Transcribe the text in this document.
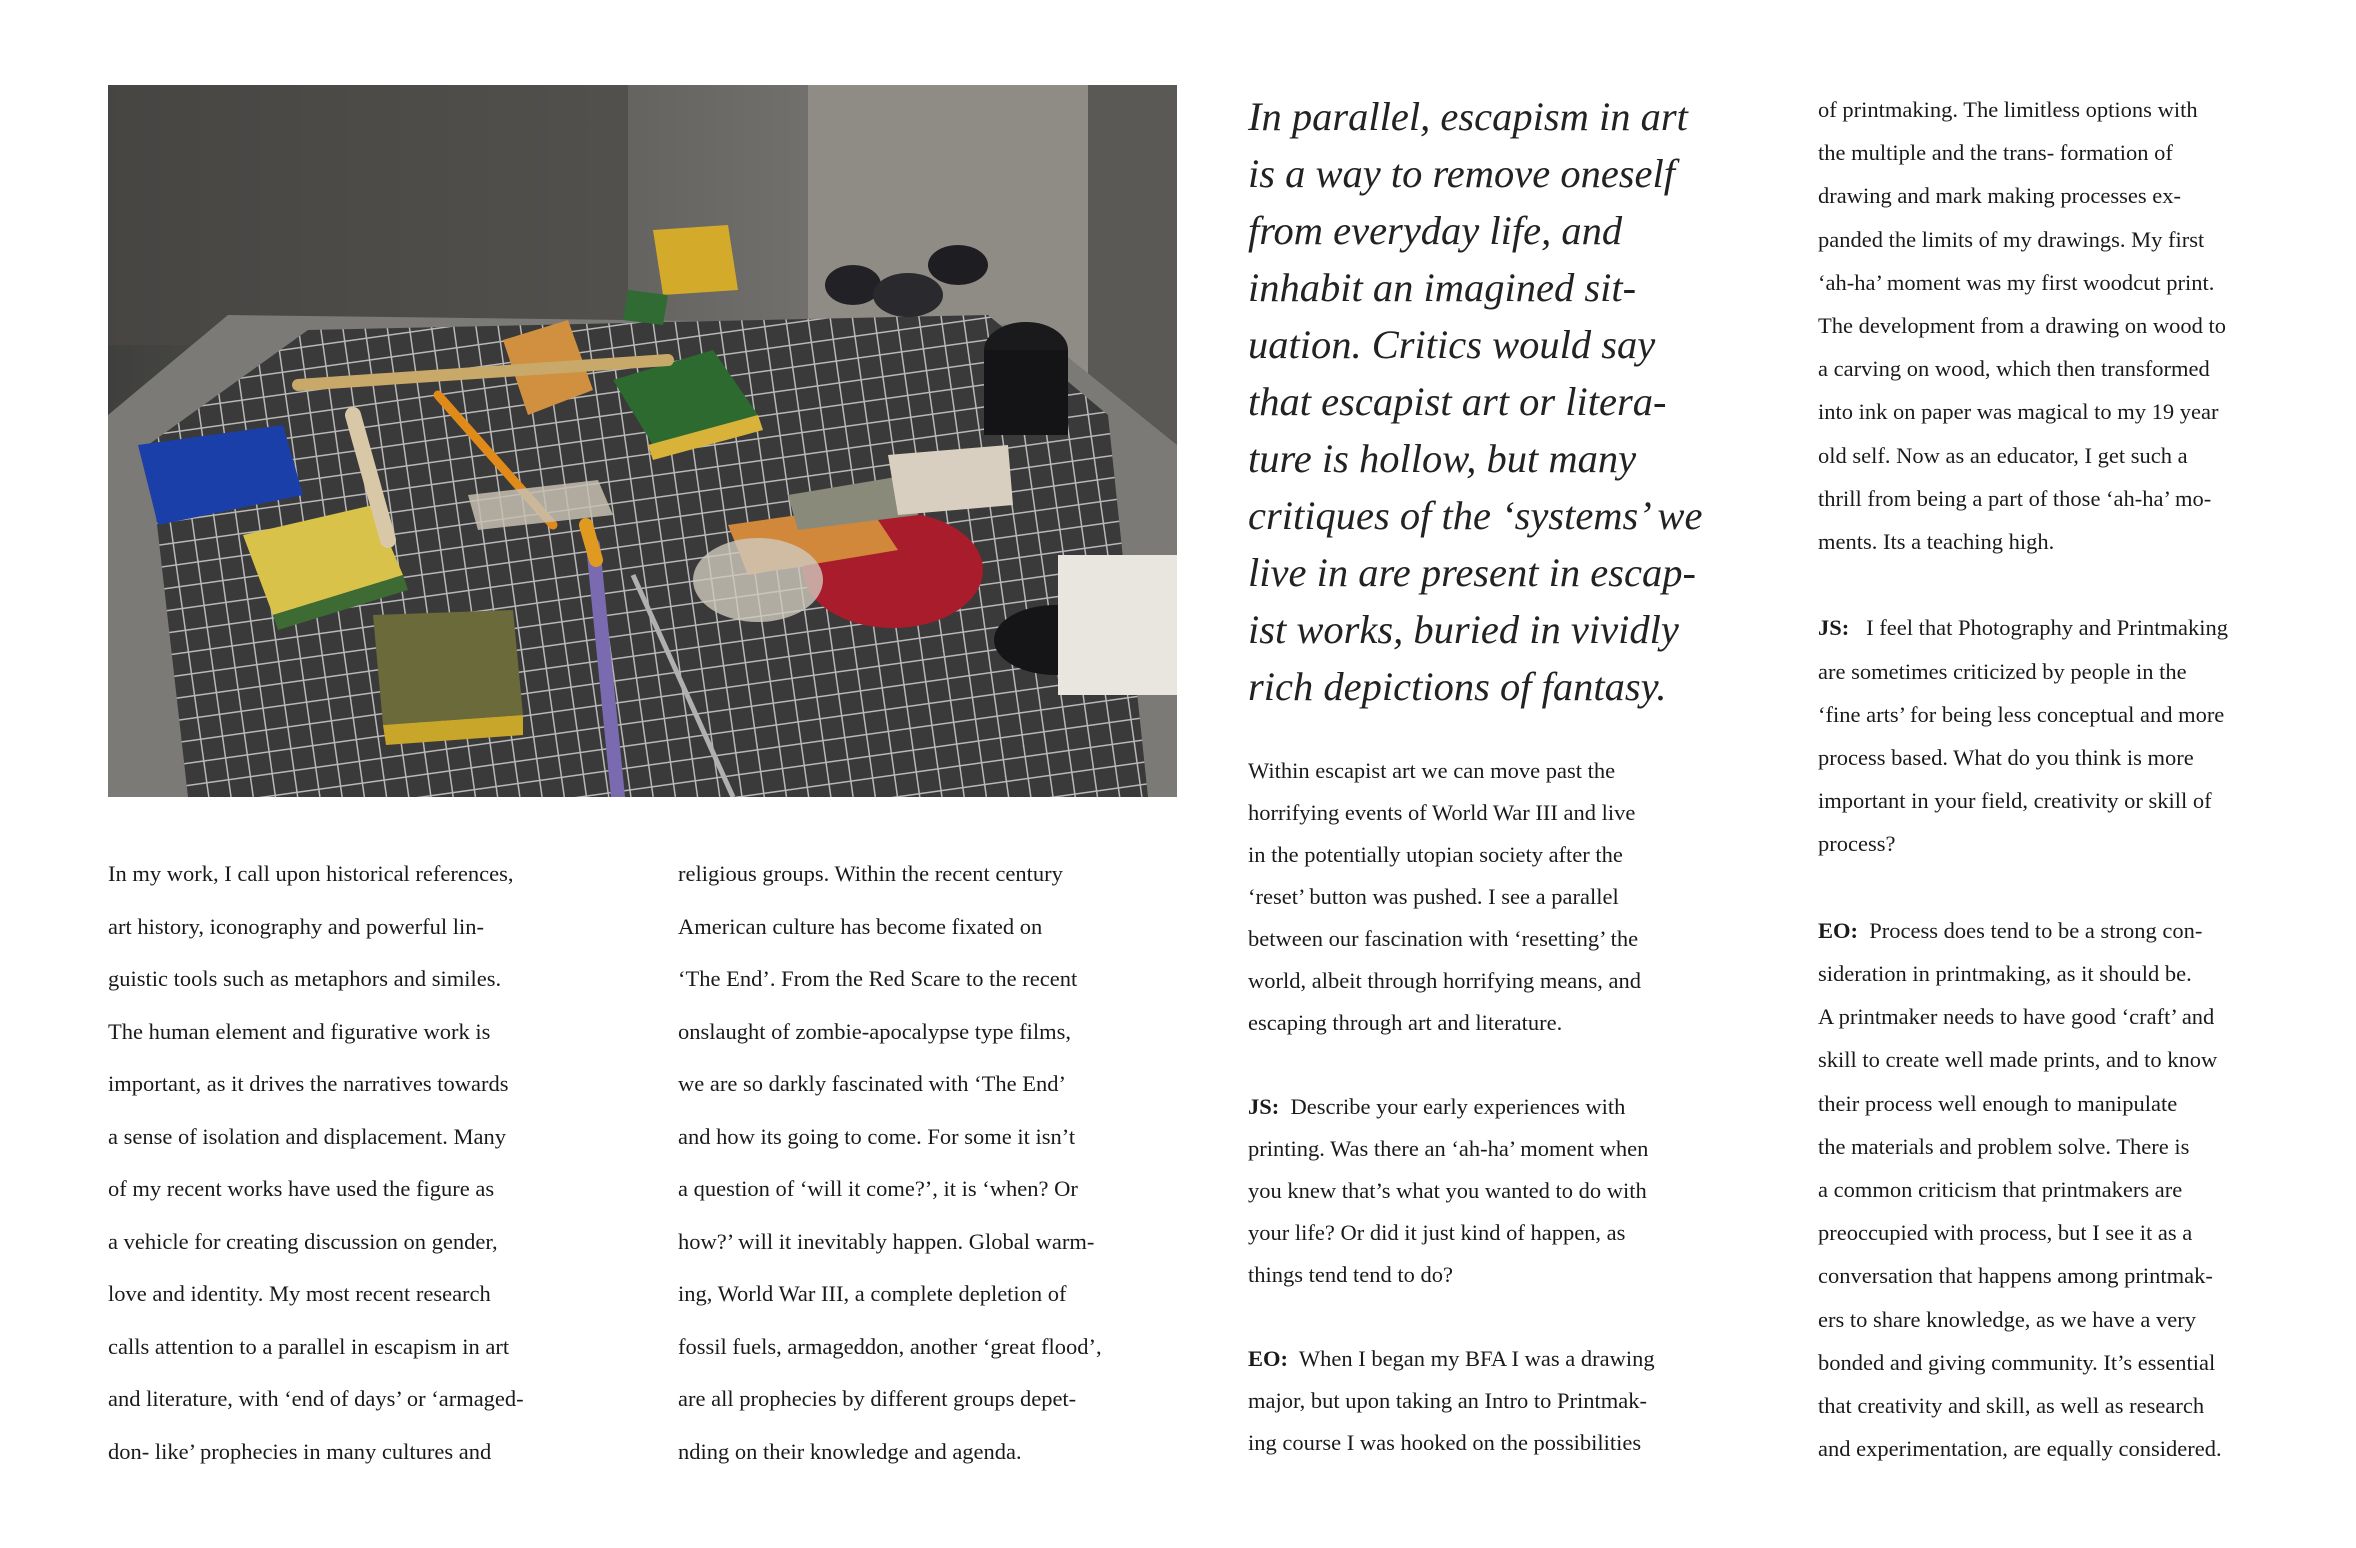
In my work, I call upon historical references,
art history, iconography and powerful lin-
guistic tools such as metaphors and similes.
The human element and figurative work is
important, as it drives the narratives towards
a sense of isolation and displacement. Many
of my recent works have used the figure as
a vehicle for creating discussion on gender,
love and identity. My most recent research
calls attention to a parallel in escapism in art
and literature, with ‘end of days’ or ‘armaged-
don- like’ prophecies in many cultures and
religious groups. Within the recent century
American culture has become fixated on
‘The End’. From the Red Scare to the recent
onslaught of zombie-apocalypse type films,
we are so darkly fascinated with ‘The End’
and how its going to come. For some it isn’t
a question of ‘will it come?’, it is ‘when? Or
how?’ will it inevitably happen. Global warm-
ing, World War III, a complete depletion of
fossil fuels, armageddon, another ‘great flood’,
are all prophecies by different groups depet-
nding on their knowledge and agenda.
In parallel, escapism in art
is a way to remove oneself
from everyday life, and
inhabit an imagined sit-
uation. Critics would say
that escapist art or litera-
ture is hollow, but many
critiques of the ‘systems’ we
live in are present in escap-
ist works, buried in vividly
rich depictions of fantasy.
Within escapist art we can move past the
horrifying events of World War III and live
in the potentially utopian society after the
‘reset’ button was pushed. I see a parallel
between our fascination with ‘resetting’ the
world, albeit through horrifying means, and
escaping through art and literature.
JS:  Describe your early experiences with
printing. Was there an ‘ah-ha’ moment when
you knew that’s what you wanted to do with
your life? Or did it just kind of happen, as
things tend tend to do?
EO:  When I began my BFA I was a drawing
major, but upon taking an Intro to Printmak-
ing course I was hooked on the possibilities
of printmaking. The limitless options with
the multiple and the trans- formation of
drawing and mark making processes ex-
panded the limits of my drawings. My first
‘ah-ha’ moment was my first woodcut print.
The development from a drawing on wood to
a carving on wood, which then transformed
into ink on paper was magical to my 19 year
old self. Now as an educator, I get such a
thrill from being a part of those ‘ah-ha’ mo-
ments. Its a teaching high.
JS:   I feel that Photography and Printmaking
are sometimes criticized by people in the
‘fine arts’ for being less conceptual and more
process based. What do you think is more
important in your field, creativity or skill of
process?
EO:  Process does tend to be a strong con-
sideration in printmaking, as it should be.
A printmaker needs to have good ‘craft’ and
skill to create well made prints, and to know
their process well enough to manipulate
the materials and problem solve. There is
a common criticism that printmakers are
preoccupied with process, but I see it as a
conversation that happens among printmak-
ers to share knowledge, as we have a very
bonded and giving community. It’s essential
that creativity and skill, as well as research
and experimentation, are equally considered.
